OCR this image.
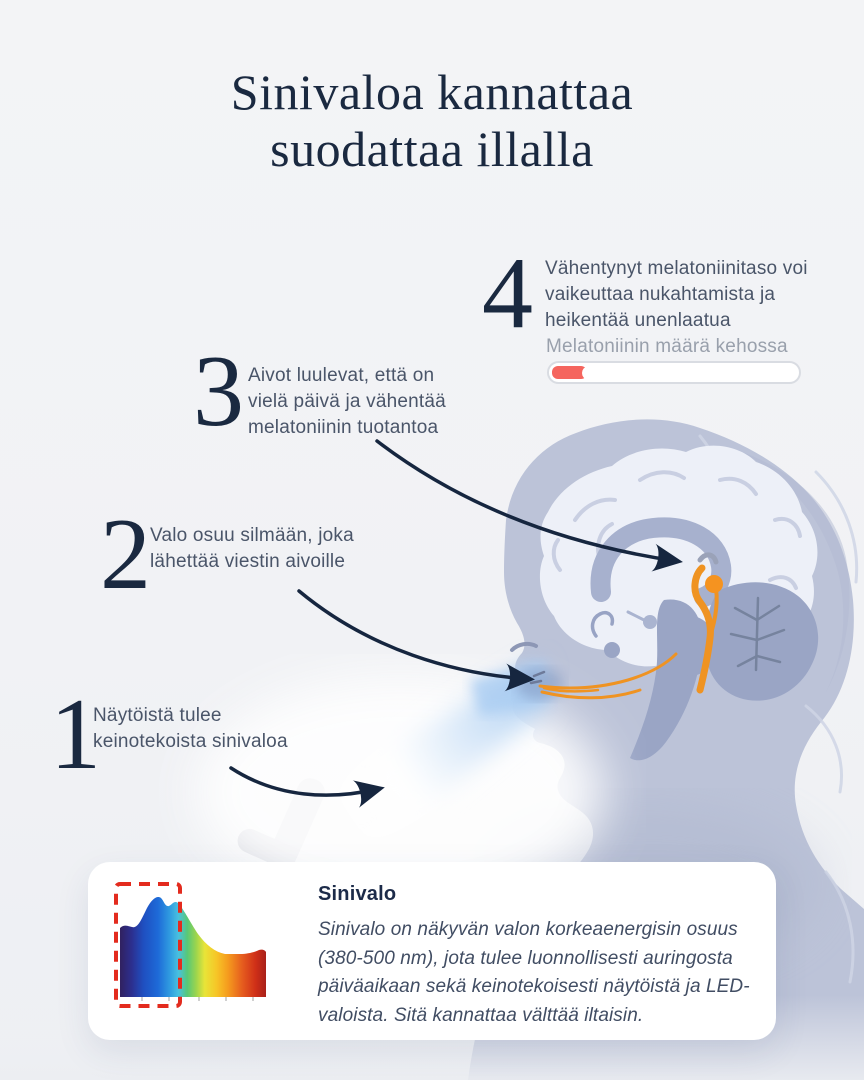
Sinivaloa kannattaa
suodattaa illalla
1
Näytöistä tulee keinotekoista sinivaloa
2 Valo osuu silmään, joka lähettää viestin aivoille
3 Aivot luulevat, että on vielä päivä ja vähentää melatoniinin tuotantoa
4 Vähentynyt melatoniinitaso voi vaikeuttaa nukahtamista ja heikentää unenlaatua
Melatoniinin määrä kehossa
Sinivalo
Sinivalo on näkyvän valon korkeaenergisin osuus (380-500 nm), jota tulee luonnollisesti auringosta päiväaikaan sekä keinotekoisesti näytöistä ja LED-valoista. Sitä kannattaa välttää iltaisin.
